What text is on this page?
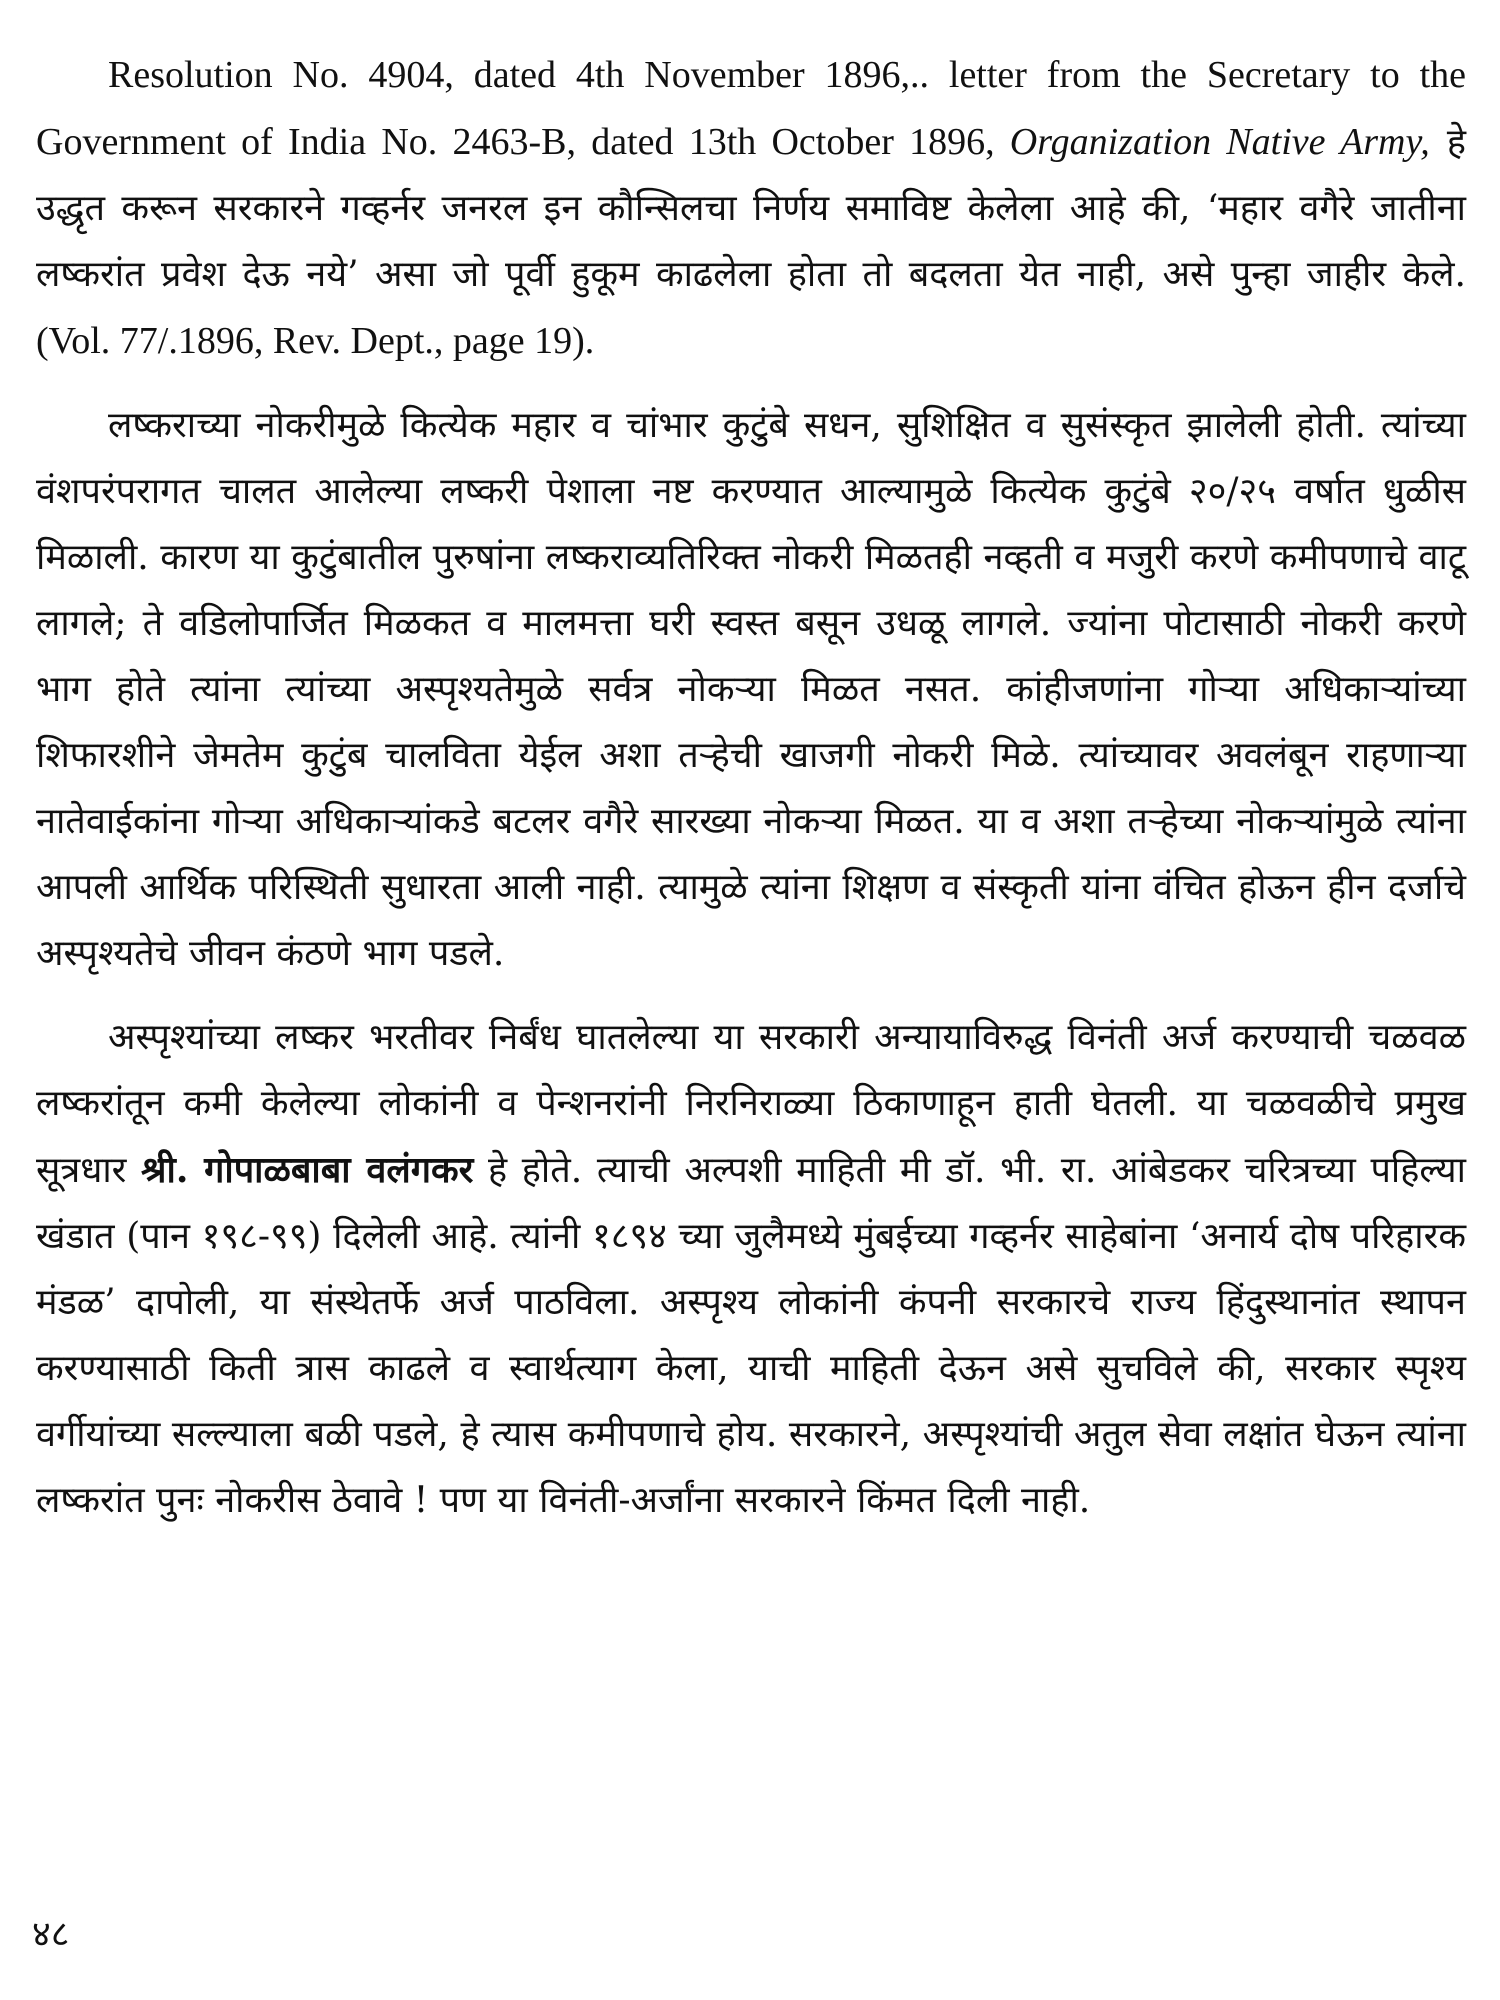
Resolution No. 4904, dated 4th November 1896,.. letter from the Secretary to the Government of India No. 2463-B, dated 13th October 1896, Organization Native Army, हे उद्धृत करून सरकारने गव्हर्नर जनरल इन कौन्सिलचा निर्णय समाविष्ट केलेला आहे की, ‘महार वगैरे जातीना लष्करांत प्रवेश देऊ नये’ असा जो पूर्वी हुकूम काढलेला होता तो बदलता येत नाही, असे पुन्हा जाहीर केले. (Vol. 77/.1896, Rev. Dept., page 19).

लष्कराच्या नोकरीमुळे कित्येक महार व चांभार कुटुंबे सधन, सुशिक्षित व सुसंस्कृत झालेली होती. त्यांच्या वंशपरंपरागत चालत आलेल्या लष्करी पेशाला नष्ट करण्यात आल्यामुळे कित्येक कुटुंबे २०/२५ वर्षात धुळीस मिळाली. कारण या कुटुंबातील पुरुषांना लष्कराव्यतिरिक्त नोकरी मिळतही नव्हती व मजुरी करणे कमीपणाचे वाटू लागले; ते वडिलोपार्जित मिळकत व मालमत्ता घरी स्वस्त बसून उधळू लागले. ज्यांना पोटासाठी नोकरी करणे भाग होते त्यांना त्यांच्या अस्पृश्यतेमुळे सर्वत्र नोकऱ्या मिळत नसत. कांहीजणांना गोऱ्या अधिकाऱ्यांच्या शिफारशीने जेमतेम कुटुंब चालविता येईल अशा तऱ्हेची खाजगी नोकरी मिळे. त्यांच्यावर अवलंबून राहणाऱ्या नातेवाईकांना गोऱ्या अधिकाऱ्यांकडे बटलर वगैरे सारख्या नोकऱ्या मिळत. या व अशा तऱ्हेच्या नोकऱ्यांमुळे त्यांना आपली आर्थिक परिस्थिती सुधारता आली नाही. त्यामुळे त्यांना शिक्षण व संस्कृती यांना वंचित होऊन हीन दर्जाचे अस्पृश्यतेचे जीवन कंठणे भाग पडले.

अस्पृश्यांच्या लष्कर भरतीवर निर्बंध घातलेल्या या सरकारी अन्यायाविरुद्ध विनंती अर्ज करण्याची चळवळ लष्करांतून कमी केलेल्या लोकांनी व पेन्शनरांनी निरनिराळ्या ठिकाणाहून हाती घेतली. या चळवळीचे प्रमुख सूत्रधार श्री. गोपाळबाबा वलंगकर हे होते. त्याची अल्पशी माहिती मी डॉ. भी. रा. आंबेडकर चरित्रच्या पहिल्या खंडात (पान १९८-९९) दिलेली आहे. त्यांनी १८९४ च्या जुलैमध्ये मुंबईच्या गव्हर्नर साहेबांना ‘अनार्य दोष परिहारक मंडळ’ दापोली, या संस्थेतर्फे अर्ज पाठविला. अस्पृश्य लोकांनी कंपनी सरकारचे राज्य हिंदुस्थानांत स्थापन करण्यासाठी किती त्रास काढले व स्वार्थत्याग केला, याची माहिती देऊन असे सुचविले की, सरकार स्पृश्य वर्गीयांच्या सल्ल्याला बळी पडले, हे त्यास कमीपणाचे होय. सरकारने, अस्पृश्यांची अतुल सेवा लक्षांत घेऊन त्यांना लष्करांत पुनः नोकरीस ठेवावे ! पण या विनंती-अर्जांना सरकारने किंमत दिली नाही.

४८
